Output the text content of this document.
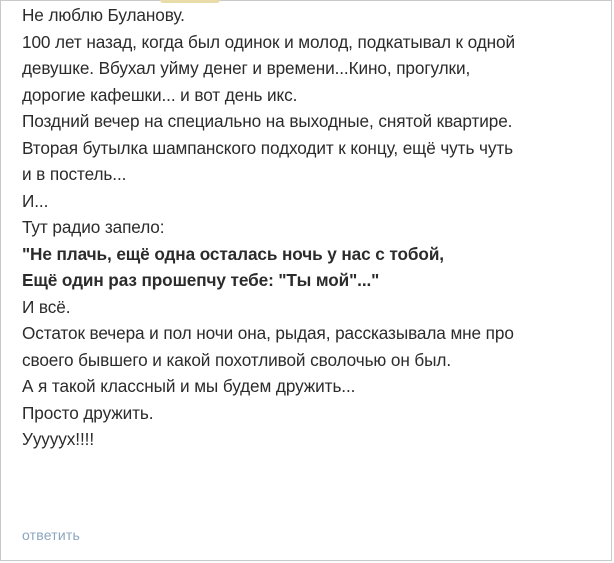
Не люблю Буланову.
100 лет назад, когда был одинок и молод, подкатывал к одной
девушке. Вбухал уйму денег и времени...Кино, прогулки,
дорогие кафешки... и вот день икс.
Поздний вечер на специально на выходные, снятой квартире.
Вторая бутылка шампанского подходит к концу, ещё чуть чуть
и в постель...
И...
Тут радио запело:
"Не плачь, ещё одна осталась ночь у нас с тобой,
Ещё один раз прошепчу тебе: "Ты мой"..."
И всё.
Остаток вечера и пол ночи она, рыдая, рассказывала мне про
своего бывшего и какой похотливой сволочью он был.
А я такой классный и мы будем дружить...
Просто дружить.
Ууууух!!!!
ответить
